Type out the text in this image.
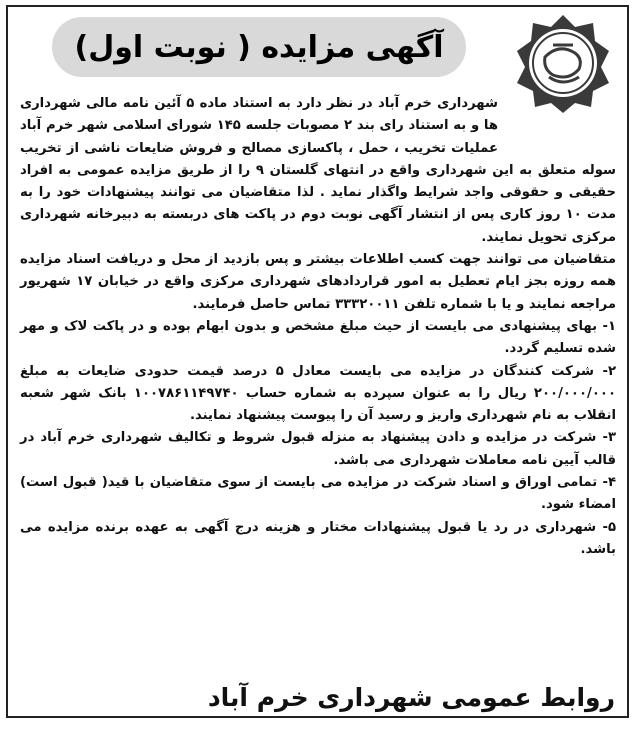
آگهی مزایده ( نوبت اول)

شهرداری خرم آباد در نظر دارد به استناد ماده ۵ آئین نامه مالی شهرداری ها و به استناد رای بند ۲ مصوبات جلسه ۱۴۵ شورای اسلامی شهر خرم آباد عملیات تخریب ، حمل ، پاکسازی مصالح و فروش ضایعات ناشی از تخریب سوله متعلق به این شهرداری واقع در انتهای گلستان ۹ را از طریق مزایده عمومی به افراد حقیقی و حقوقی واجد شرایط واگذار نماید . لذا متقاضیان می توانند پیشنهادات خود را به مدت ۱۰ روز کاری پس از انتشار آگهی نوبت دوم در پاکت های دربسته به دبیرخانه شهرداری مرکزی تحویل نمایند.

متقاضیان می توانند جهت کسب اطلاعات بیشتر و پس بازدید از محل و دریافت اسناد مزایده همه روزه بجز ایام تعطیل به امور قراردادهای شهرداری مرکزی واقع در خیابان ۱۷ شهریور مراجعه نمایند و یا با شماره تلفن ۳۳۳۲۰۰۱۱ تماس حاصل فرمایند.

۱- بهای پیشنهادی می بایست از حیث مبلغ مشخص و بدون ابهام بوده و در پاکت لاک و مهر شده تسلیم گردد.

۲- شرکت کنندگان در مزایده می بایست معادل ۵ درصد قیمت حدودی ضایعات به مبلغ ۲۰۰/۰۰۰/۰۰۰ ریال را به عنوان سپرده به شماره حساب ۱۰۰۷۸۶۱۱۴۹۷۴۰ بانک شهر شعبه انقلاب به نام شهرداری واریز و رسید آن را پیوست پیشنهاد نمایند.

۳- شرکت در مزایده و دادن پیشنهاد به منزله قبول شروط و تکالیف شهرداری خرم آباد در قالب آیین نامه معاملات شهرداری می باشد.

۴- تمامی اوراق و اسناد شرکت در مزایده می بایست از سوی متقاضیان با قید( قبول است) امضاء شود.

۵- شهرداری در رد یا قبول پیشنهادات مختار و هزینه درج آگهی به عهده برنده مزایده می باشد.

روابط عمومی شهرداری خرم آباد
